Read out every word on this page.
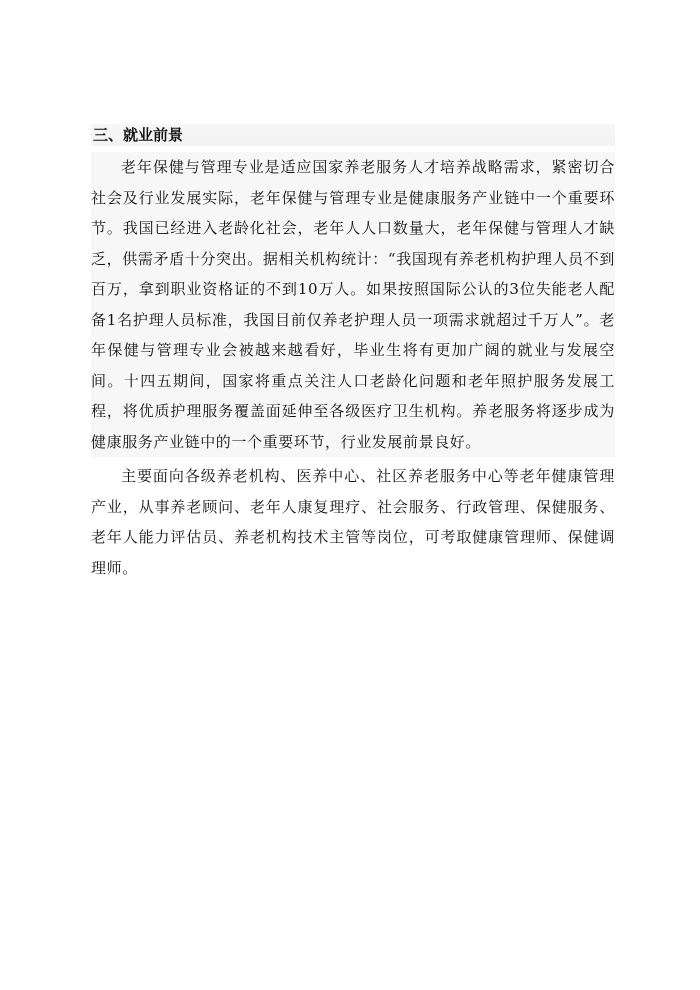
三、就业前景

老年保健与管理专业是适应国家养老服务人才培养战略需求，紧密切合社会及行业发展实际，老年保健与管理专业是健康服务产业链中一个重要环节。我国已经进入老龄化社会，老年人人口数量大，老年保健与管理人才缺乏，供需矛盾十分突出。据相关机构统计：“我国现有养老机构护理人员不到百万，拿到职业资格证的不到10万人。如果按照国际公认的3位失能老人配备1名护理人员标准，我国目前仅养老护理人员一项需求就超过千万人”。老年保健与管理专业会被越来越看好，毕业生将有更加广阔的就业与发展空间。十四五期间，国家将重点关注人口老龄化问题和老年照护服务发展工程，将优质护理服务覆盖面延伸至各级医疗卫生机构。养老服务将逐步成为健康服务产业链中的一个重要环节，行业发展前景良好。

主要面向各级养老机构、医养中心、社区养老服务中心等老年健康管理产业，从事养老顾问、老年人康复理疗、社会服务、行政管理、保健服务、老年人能力评估员、养老机构技术主管等岗位，可考取健康管理师、保健调理师。
